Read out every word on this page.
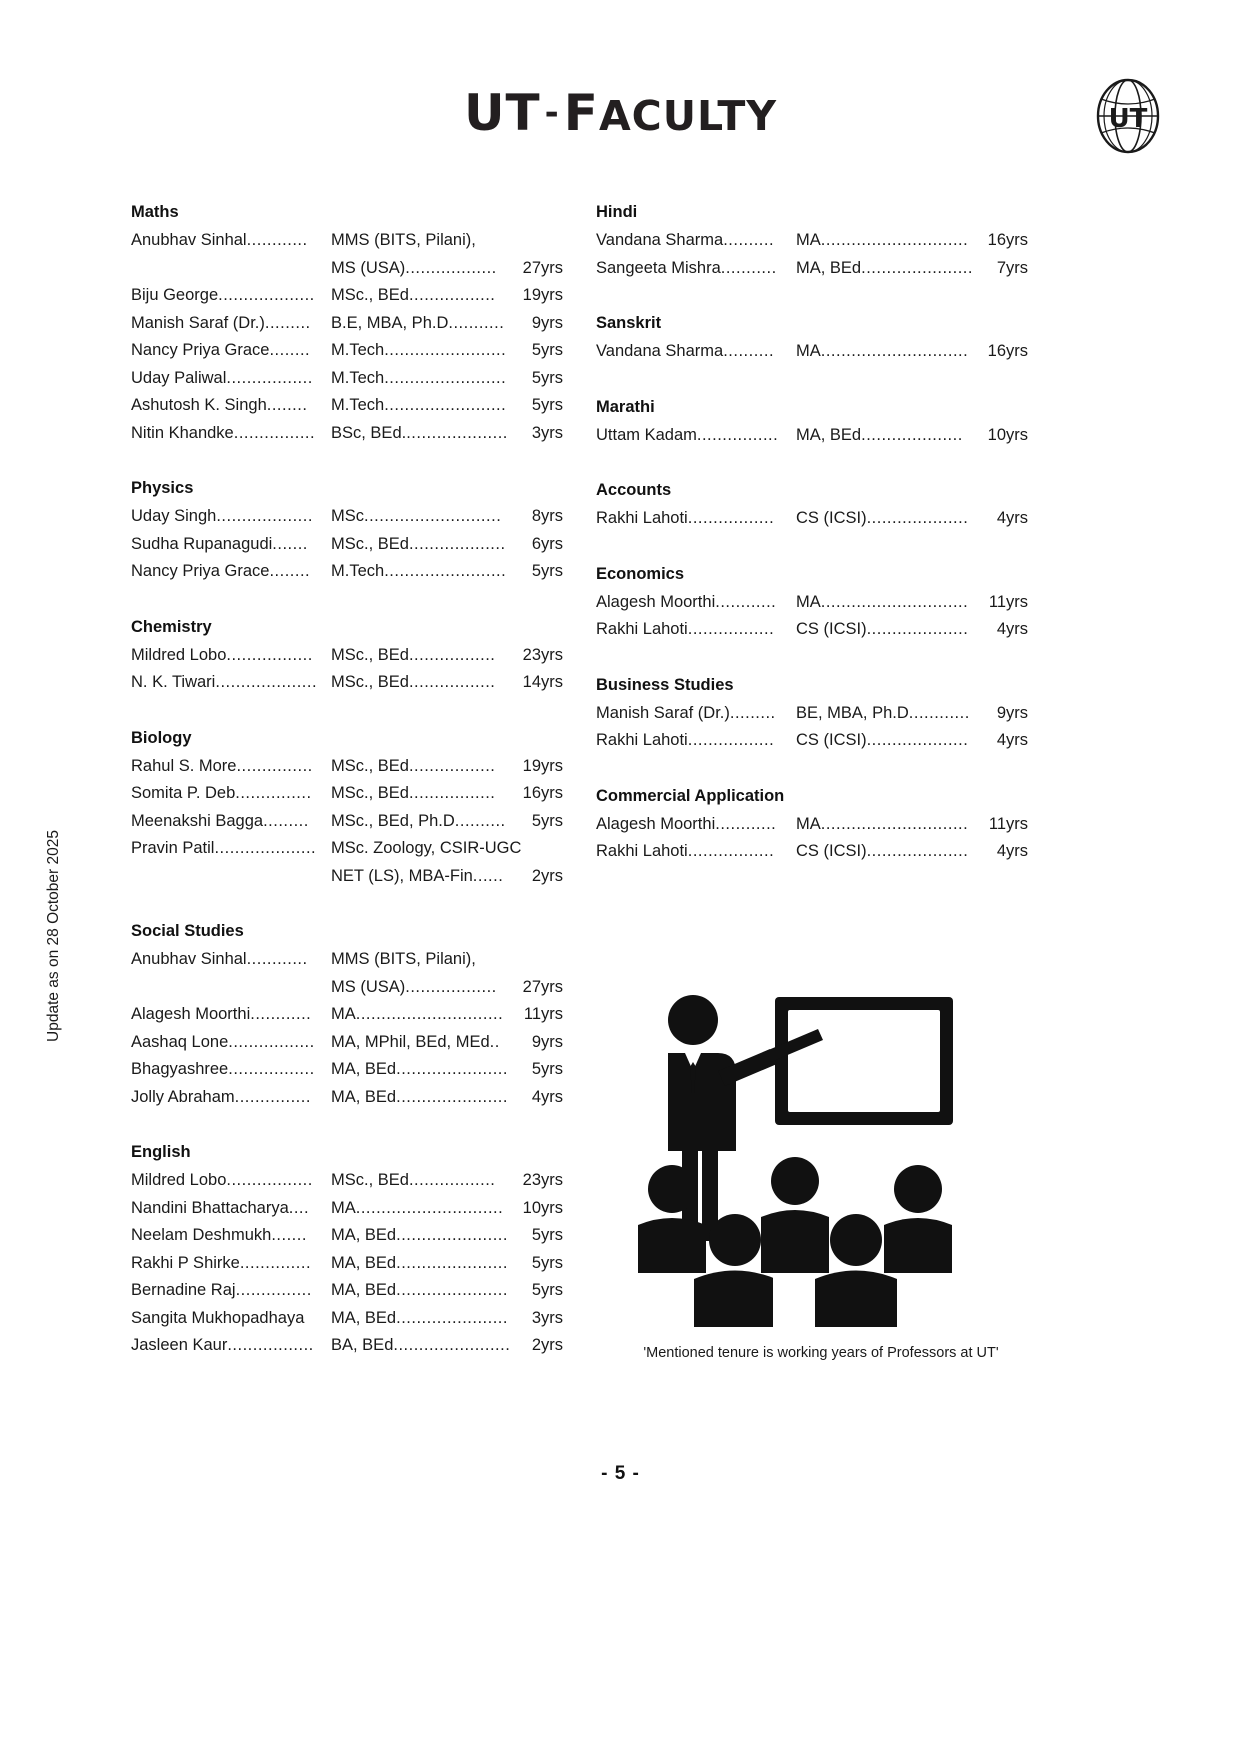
UT -FACULTY	UT
Update as on 28 October 2025
Maths
Anubhav Sinhal ............	MMS (BITS, Pilani),
MS (USA) ..................	27yrs
Biju George ................... MSc., BEd .................	19yrs
Manish Saraf (Dr.) .........	B.E, MBA, Ph.D ...........	9yrs
Nancy Priya Grace ........	M.Tech ........................	5yrs
Uday Paliwal .................	M.Tech ........................	5yrs
Ashutosh K. Singh ........	M.Tech ........................	5yrs
Nitin Khandke ................ BSc, BEd. ....................	3yrs
Physics
Uday Singh ...................	MSc ...........................	8yrs
Sudha Rupanagudi .......	MSc., BEd ...................	6yrs
Nancy Priya Grace ........	M.Tech ........................	5yrs
Chemistry
Mildred Lobo .................	MSc., BEd .................	23yrs
N. K. Tiwari .................... MSc., BEd .................	14yrs
Biology
Rahul S. More ...............	MSc., BEd .................	19yrs
Somita P. Deb ...............	MSc., BEd .................	16yrs
Meenakshi Bagga .........	MSc., BEd, Ph.D ..........	5yrs
Pravin Patil .................... MSc. Zoology, CSIR-UGC
NET (LS), MBA-Fin ......	2yrs
Social Studies
Anubhav Sinhal ............	MMS (BITS, Pilani),
MS (USA) ..................	27yrs
Alagesh Moorthi ............	MA .............................	11yrs
Aashaq Lone ................. MA, MPhil, BEd, MEd ..	9yrs
Bhagyashree ................. MA, BEd ......................	5yrs
Jolly Abraham ...............	MA, BEd ......................	4yrs
English
Mildred Lobo .................	MSc., BEd .................	23yrs
Nandini Bhattacharya ....	MA .............................	10yrs
Neelam Deshmukh .......	MA, BEd ......................	5yrs
Rakhi P Shirke ..............	MA, BEd ......................	5yrs
Bernadine Raj ...............	MA, BEd ......................	5yrs
Sangita Mukhopadhaya MA, BEd ......................	3yrs
Jasleen Kaur .................	BA, BEd .......................	2yrs
Hindi
Vandana Sharma ..........	MA .............................	16yrs
Sangeeta Mishra ...........	MA, BEd ......................	7yrs
Sanskrit
Vandana Sharma ..........	MA .............................	16yrs
Marathi
Uttam Kadam ................	MA, BEd ....................	10yrs
Accounts
Rakhi Lahoti .................	CS (ICSI) ....................	4yrs
Economics
Alagesh Moorthi ............	MA .............................	11yrs
Rakhi Lahoti .................	CS (ICSI) ....................	4yrs
Business Studies
Manish Saraf (Dr.) .........	BE, MBA, Ph.D ............	9yrs
Rakhi Lahoti .................	CS (ICSI) ....................	4yrs
Commercial Application
Alagesh Moorthi ............	MA .............................	11yrs
Rakhi Lahoti .................	CS (ICSI) ....................	4yrs
'Mentioned tenure is working years of Professors at UT'
- 5 -
